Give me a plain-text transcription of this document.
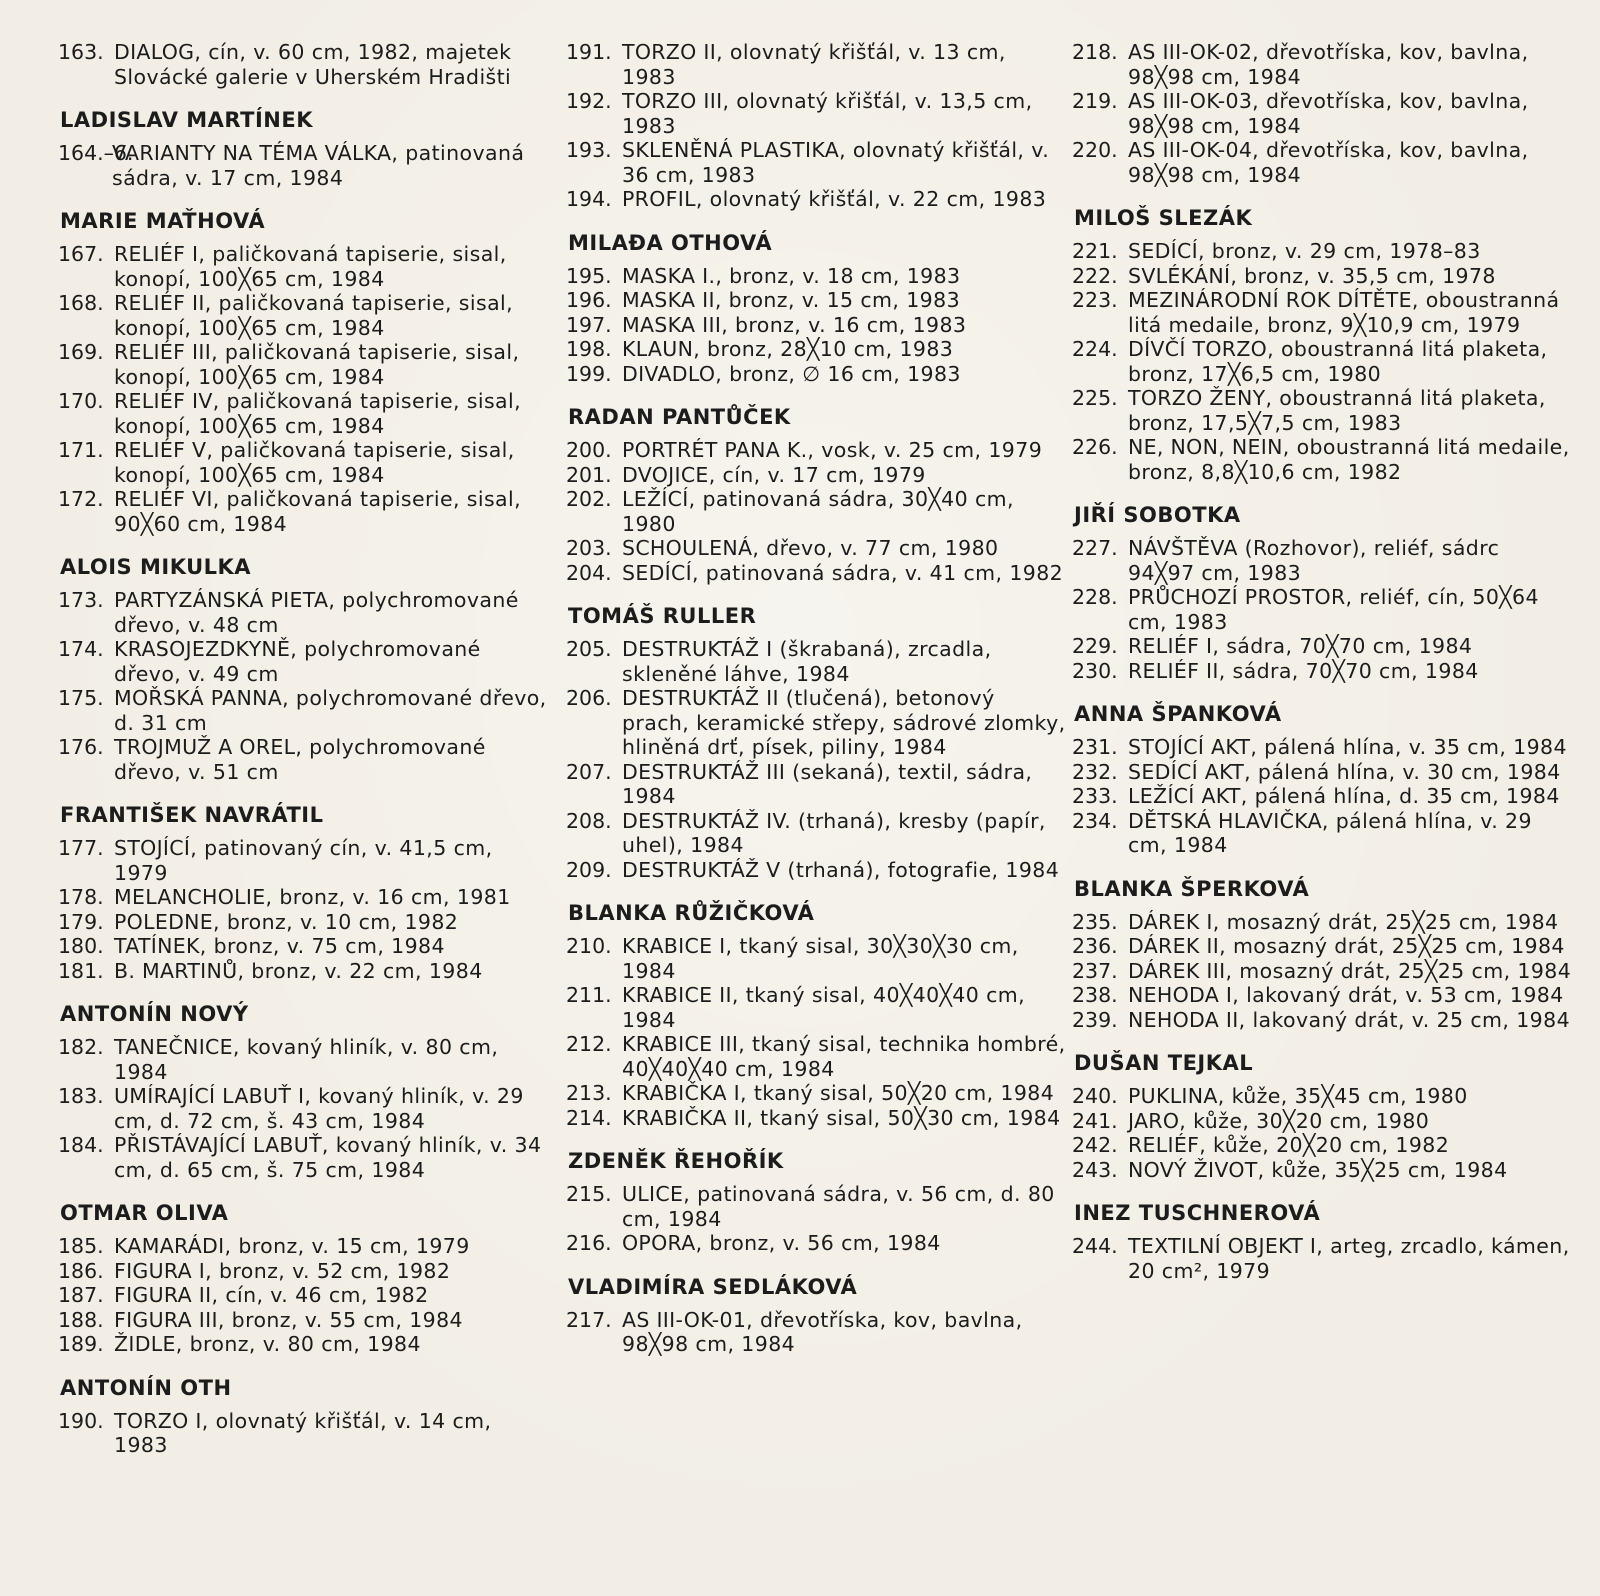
163. DIALOG, cín, v. 60 cm, 1982, majetek Slovácké galerie v Uherském Hradišti
LADISLAV MARTÍNEK
164.–6.
VARIANTY NA TÉMA VÁLKA, patinovaná sádra, v. 17 cm, 1984
MARIE MAŤHOVÁ
167. RELIÉF I, paličkovaná tapiserie, sisal, konopí, 100╳65 cm, 1984
168. RELIÉF II, paličkovaná tapiserie, sisal, konopí, 100╳65 cm, 1984
169. RELIÉF III, paličkovaná tapiserie, sisal, konopí, 100╳65 cm, 1984
170. RELIÉF IV, paličkovaná tapiserie, sisal, konopí, 100╳65 cm, 1984
171. RELIÉF V, paličkovaná tapiserie, sisal, konopí, 100╳65 cm, 1984
172. RELIÉF VI, paličkovaná tapiserie, sisal, 90╳60 cm, 1984
ALOIS MIKULKA
173. PARTYZÁNSKÁ PIETA, polychromované dřevo, v. 48 cm
174. KRASOJEZDKYNĚ, polychromované dřevo, v. 49 cm
175. MOŘSKÁ PANNA, polychromované dřevo, d. 31 cm
176. TROJMUŽ A OREL, polychromované dřevo, v. 51 cm
FRANTIŠEK NAVRÁTIL
177. STOJÍCÍ, patinovaný cín, v. 41,5 cm, 1979
178. MELANCHOLIE, bronz, v. 16 cm, 1981
179. POLEDNE, bronz, v. 10 cm, 1982
180. TATÍNEK, bronz, v. 75 cm, 1984
181. B. MARTINŮ, bronz, v. 22 cm, 1984
ANTONÍN NOVÝ
182. TANEČNICE, kovaný hliník, v. 80 cm, 1984
183. UMÍRAJÍCÍ LABUŤ I, kovaný hliník, v. 29 cm, d. 72 cm, š. 43 cm, 1984
184. PŘISTÁVAJÍCÍ LABUŤ, kovaný hliník, v. 34 cm, d. 65 cm, š. 75 cm, 1984
OTMAR OLIVA
185. KAMARÁDI, bronz, v. 15 cm, 1979
186. FIGURA I, bronz, v. 52 cm, 1982
187. FIGURA II, cín, v. 46 cm, 1982
188. FIGURA III, bronz, v. 55 cm, 1984
189. ŽIDLE, bronz, v. 80 cm, 1984
ANTONÍN OTH
190. TORZO I, olovnatý křišťál, v. 14 cm, 1983
191. TORZO II, olovnatý křišťál, v. 13 cm, 1983
192. TORZO III, olovnatý křišťál, v. 13,5 cm, 1983
193. SKLENĚNÁ PLASTIKA, olovnatý křišťál, v. 36 cm, 1983
194. PROFIL, olovnatý křišťál, v. 22 cm, 1983
MILAĐA OTHOVÁ
195. MASKA I., bronz, v. 18 cm, 1983
196. MASKA II, bronz, v. 15 cm, 1983
197. MASKA III, bronz, v. 16 cm, 1983
198. KLAUN, bronz, 28╳10 cm, 1983
199. DIVADLO, bronz, ∅ 16 cm, 1983
RADAN PANTŮČEK
200. PORTRÉT PANA K., vosk, v. 25 cm, 1979
201. DVOJICE, cín, v. 17 cm, 1979
202. LEŽÍCÍ, patinovaná sádra, 30╳40 cm, 1980
203. SCHOULENÁ, dřevo, v. 77 cm, 1980
204. SEDÍCÍ, patinovaná sádra, v. 41 cm, 1982
TOMÁŠ RULLER
205. DESTRUKTÁŽ I (škrabaná), zrcadla, skleněné láhve, 1984
206. DESTRUKTÁŽ II (tlučená), betonový prach, keramické střepy, sádrové zlomky, hliněná drť, písek, piliny, 1984
207. DESTRUKTÁŽ III (sekaná), textil, sádra, 1984
208. DESTRUKTÁŽ IV. (trhaná), kresby (papír, uhel), 1984
209. DESTRUKTÁŽ V (trhaná), fotografie, 1984
BLANKA RŮŽIČKOVÁ
210. KRABICE I, tkaný sisal, 30╳30╳30 cm, 1984
211. KRABICE II, tkaný sisal, 40╳40╳40 cm, 1984
212. KRABICE III, tkaný sisal, technika hombré, 40╳40╳40 cm, 1984
213. KRABIČKA I, tkaný sisal, 50╳20 cm, 1984
214. KRABIČKA II, tkaný sisal, 50╳30 cm, 1984
ZDENĚK ŘEHOŘÍK
215. ULICE, patinovaná sádra, v. 56 cm, d. 80 cm, 1984
216. OPORA, bronz, v. 56 cm, 1984
VLADIMÍRA SEDLÁKOVÁ
217. AS III-OK-01, dřevotříska, kov, bavlna, 98╳98 cm, 1984
218. AS III-OK-02, dřevotříska, kov, bavlna, 98╳98 cm, 1984
219. AS III-OK-03, dřevotříska, kov, bavlna, 98╳98 cm, 1984
220. AS III-OK-04, dřevotříska, kov, bavlna, 98╳98 cm, 1984
MILOŠ SLEZÁK
221. SEDÍCÍ, bronz, v. 29 cm, 1978–83
222. SVLÉKÁNÍ, bronz, v. 35,5 cm, 1978
223. MEZINÁRODNÍ ROK DÍTĚTE, oboustranná litá medaile, bronz, 9╳10,9 cm, 1979
224. DÍVČÍ TORZO, oboustranná litá plaketa, bronz, 17╳6,5 cm, 1980
225. TORZO ŽENY, oboustranná litá plaketa, bronz, 17,5╳7,5 cm, 1983
226. NE, NON, NEIN, oboustranná litá medaile, bronz, 8,8╳10,6 cm, 1982
JIŘÍ SOBOTKA
227. NÁVŠTĚVA (Rozhovor), reliéf, sádrc 94╳97 cm, 1983
228. PRŮCHOZÍ PROSTOR, reliéf, cín, 50╳64 cm, 1983
229. RELIÉF I, sádra, 70╳70 cm, 1984
230. RELIÉF II, sádra, 70╳70 cm, 1984
ANNA ŠPANKOVÁ
231. STOJÍCÍ AKT, pálená hlína, v. 35 cm, 1984
232. SEDÍCÍ AKT, pálená hlína, v. 30 cm, 1984
233. LEŽÍCÍ AKT, pálená hlína, d. 35 cm, 1984
234. DĚTSKÁ HLAVIČKA, pálená hlína, v. 29 cm, 1984
BLANKA ŠPERKOVÁ
235. DÁREK I, mosazný drát, 25╳25 cm, 1984
236. DÁREK II, mosazný drát, 25╳25 cm, 1984
237. DÁREK III, mosazný drát, 25╳25 cm, 1984
238. NEHODA I, lakovaný drát, v. 53 cm, 1984
239. NEHODA II, lakovaný drát, v. 25 cm, 1984
DUŠAN TEJKAL
240. PUKLINA, kůže, 35╳45 cm, 1980
241. JARO, kůže, 30╳20 cm, 1980
242. RELIÉF, kůže, 20╳20 cm, 1982
243. NOVÝ ŽIVOT, kůže, 35╳25 cm, 1984
INEZ TUSCHNEROVÁ
244. TEXTILNÍ OBJEKT I, arteg, zrcadlo, kámen, 20 cm², 1979
